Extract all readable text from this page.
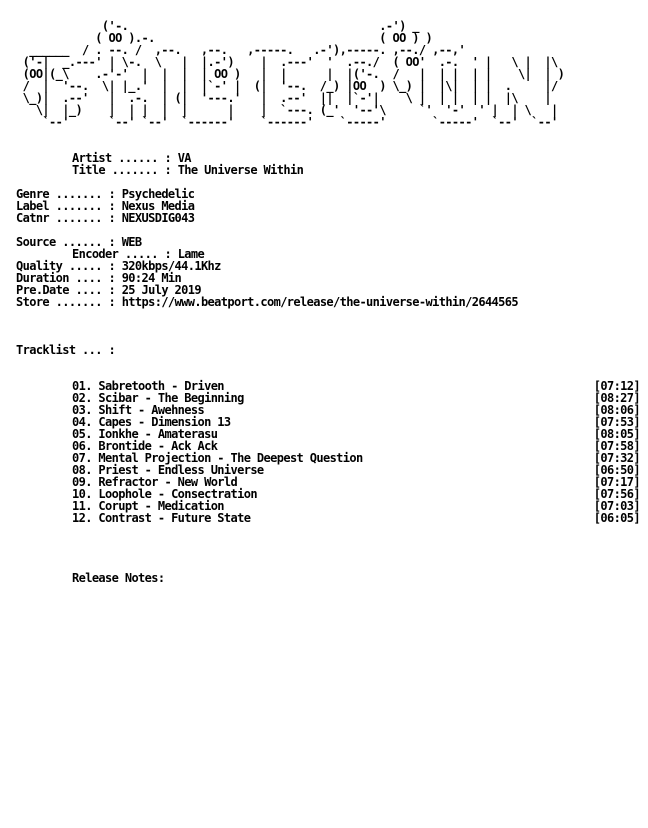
('-.                                      .-') _
( OO ).-.                                  ( OO ) )
______  / . --. /  ,--.   ,--.   ,-----.   .-'),-----. ,--./ ,--,'
('-|  _.---' | \-.  \   |  |.-')    |  .---'  '  .--./  ( OO'  .-.  ' |   \ |  |\
(OO|(_\    .-'-'  |  |  |  | OO )   |  |      |  |('-.  /   |  | |  | |    \|  | )
/  |  '--.  \| |_.'  |  |  |`-' |  (|  '--.  /_) |OO  ) \_) |  |\|  | |  .     |/
\_)|  .--'   |  .-.  | (|  '---.'   |  .--'  ||  |`-'|    \ |  | |  | |  |\    |
\|  |_)    |  | |  |  |      |    |  `---. (_'  '--'\     `'  '-'  ' |  | \   |
`--'      `--' `--'  `------'    `------'    `-----'       `-----'  `--'  `--'
Artist ...... : VA
Title ....... : The Universe Within
Genre ....... : Psychedelic
Label ....... : Nexus Media
Catnr ....... : NEXUSDIG043
Source ...... : WEB
Encoder ..... : Lame
Quality ..... : 320kbps/44.1Khz
Duration .... : 90:24 Min
Pre.Date .... : 25 July 2019
Store ....... : https://www.beatport.com/release/the-universe-within/2644565
Tracklist ... :
01. Sabretooth - Driven	[07:12]
02. Scibar - The Beginning	[08:27]
03. Shift - Awehness	[08:06]
04. Capes - Dimension 13	[07:53]
05. Ionkhe - Amaterasu	[08:05]
06. Brontide - Ack Ack	[07:58]
07. Mental Projection - The Deepest Question	[07:32]
08. Priest - Endless Universe	[06:50]
09. Refractor - New World	[07:17]
10. Loophole - Consectration	[07:56]
11. Corupt - Medication	[07:03]
12. Contrast - Future State	[06:05]
Release Notes:
